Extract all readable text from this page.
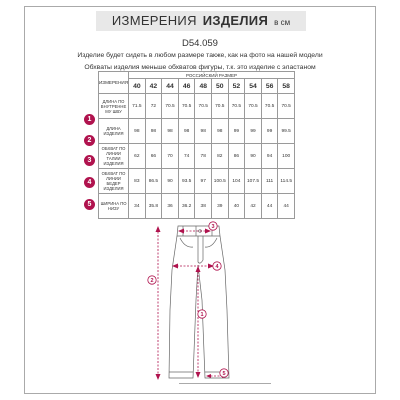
ИЗМЕРЕНИЯ ИЗДЕЛИЯ в см
D54.059
Изделие будет сидеть в любом размере также, как на фото на нашей модели
Обхваты изделия меньше обхватов фигуры, т.к. это изделие с эластаном
ИЗМЕРЕНИЯ	РОССИЙСКИЙ РАЗМЕР									
	40	42	44	46	48	50	52	54	56	58
ДЛИНА ПО ВНУТРЕННЕ МУ ШВУ	71.5	72	70.5	70.5	70.5	70.5	70.5	70.5	70.5	70.5
ДЛИНА ИЗДЕЛИЯ	98	98	98	98	98	98	99	99	99	99.5
ОБХВАТ ПО ЛИНИИ ТАЛИИ ИЗДЕЛИЯ	62	66	70	74	78	82	86	90	94	100
ОБХВАТ ПО ЛИНИИ БЕДЕР ИЗДЕЛИЯ	83	86.5	90	93.5	97	100.5	104	107.5	111	114.5
ШИРИНА ПО НИЗУ	34	35.8	36	36.2	38	39	40	42	44	44
1
2
3
4
5
3
4
2
1
5
